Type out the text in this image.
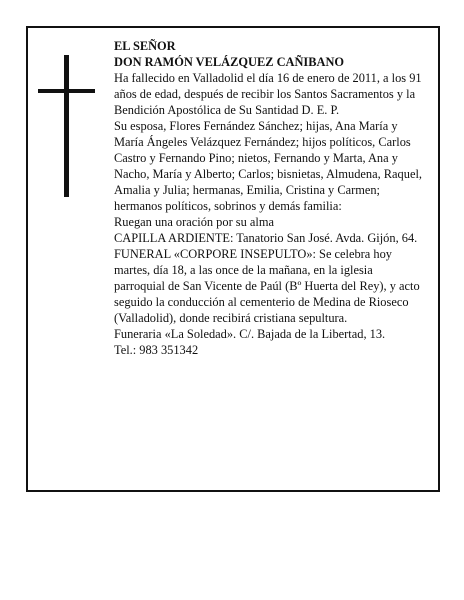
EL SEÑOR

DON RAMÓN VELÁZQUEZ CAÑIBANO

Ha fallecido en Valladolid el día 16 de enero de 2011, a los 91 años de edad, después de recibir los Santos Sacramentos y la Bendición Apostólica de Su Santidad D. E. P.

Su esposa, Flores Fernández Sánchez; hijas, Ana María y María Ángeles Velázquez Fernández; hijos políticos, Carlos Castro y Fernando Pino; nietos, Fernando y Marta, Ana y Nacho, María y Alberto; Carlos; bisnietas, Almudena, Raquel, Amalia y Julia; hermanas, Emilia, Cristina y Carmen; hermanos políticos, sobrinos y demás familia:

Ruegan una oración por su alma

CAPILLA ARDIENTE: Tanatorio San José. Avda. Gijón, 64.

FUNERAL «CORPORE INSEPULTO»: Se celebra hoy martes, día 18, a las once de la mañana, en la iglesia parroquial de San Vicente de Paúl (Bº Huerta del Rey), y acto seguido la conducción al cementerio de Medina de Rioseco (Valladolid), donde recibirá cristiana sepultura.

Funeraria «La Soledad». C/. Bajada de la Libertad, 13.

Tel.: 983 351342
